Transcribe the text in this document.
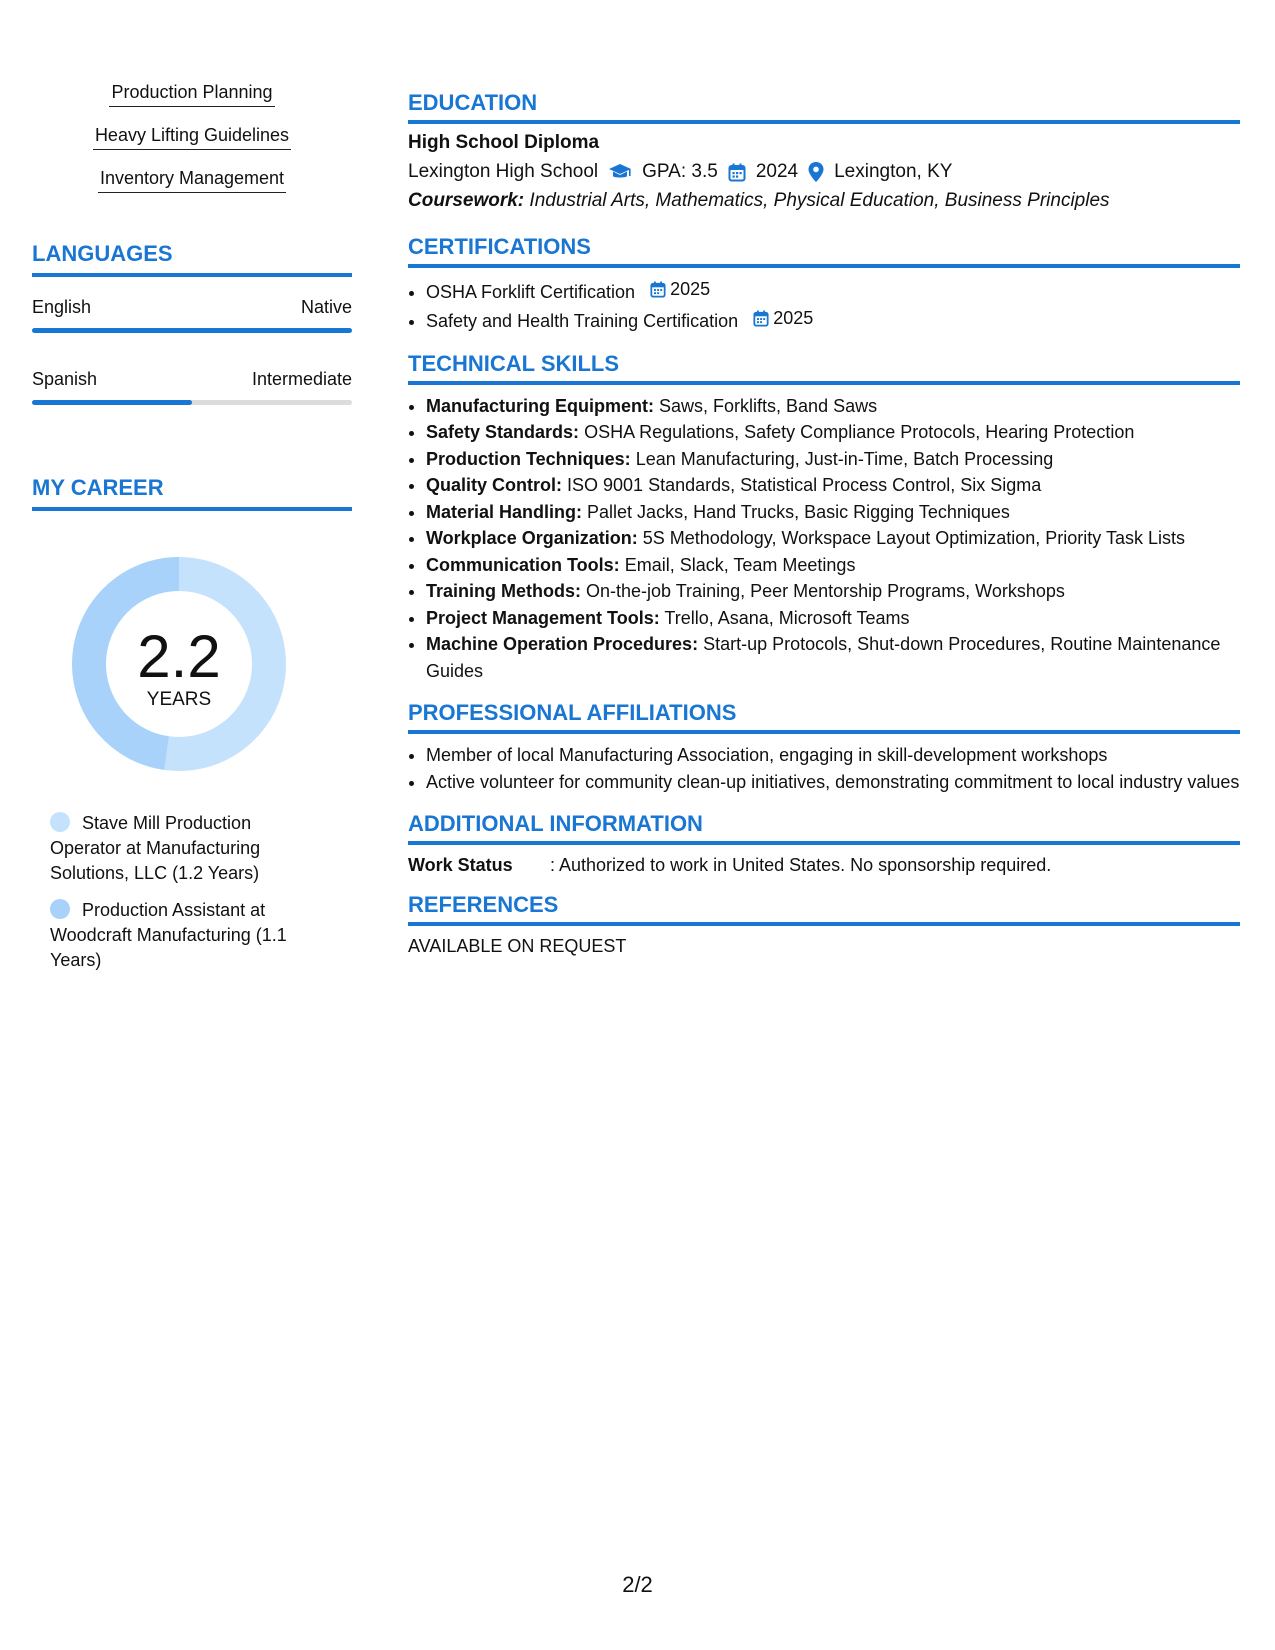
Production Planning
Heavy Lifting Guidelines
Inventory Management
LANGUAGES
English	Native
Spanish	Intermediate
MY CAREER
2.2
YEARS
Stave Mill Production Operator at Manufacturing Solutions, LLC (1.2 Years)
Production Assistant at Woodcraft Manufacturing (1.1 Years)
EDUCATION
High School Diploma
Lexington High School GPA: 3.5 2024 Lexington, KY
Coursework: Industrial Arts, Mathematics, Physical Education, Business Principles
CERTIFICATIONS
• OSHA Forklift Certification 2025
• Safety and Health Training Certification 2025
TECHNICAL SKILLS
• Manufacturing Equipment: Saws, Forklifts, Band Saws
• Safety Standards: OSHA Regulations, Safety Compliance Protocols, Hearing Protection
• Production Techniques: Lean Manufacturing, Just-in-Time, Batch Processing
• Quality Control: ISO 9001 Standards, Statistical Process Control, Six Sigma
• Material Handling: Pallet Jacks, Hand Trucks, Basic Rigging Techniques
• Workplace Organization: 5S Methodology, Workspace Layout Optimization, Priority Task Lists
• Communication Tools: Email, Slack, Team Meetings
• Training Methods: On-the-job Training, Peer Mentorship Programs, Workshops
• Project Management Tools: Trello, Asana, Microsoft Teams
• Machine Operation Procedures: Start-up Protocols, Shut-down Procedures, Routine Maintenance Guides
PROFESSIONAL AFFILIATIONS
• Member of local Manufacturing Association, engaging in skill-development workshops
• Active volunteer for community clean-up initiatives, demonstrating commitment to local industry values
ADDITIONAL INFORMATION
Work Status	: Authorized to work in United States. No sponsorship required.
REFERENCES
AVAILABLE ON REQUEST
2/2
